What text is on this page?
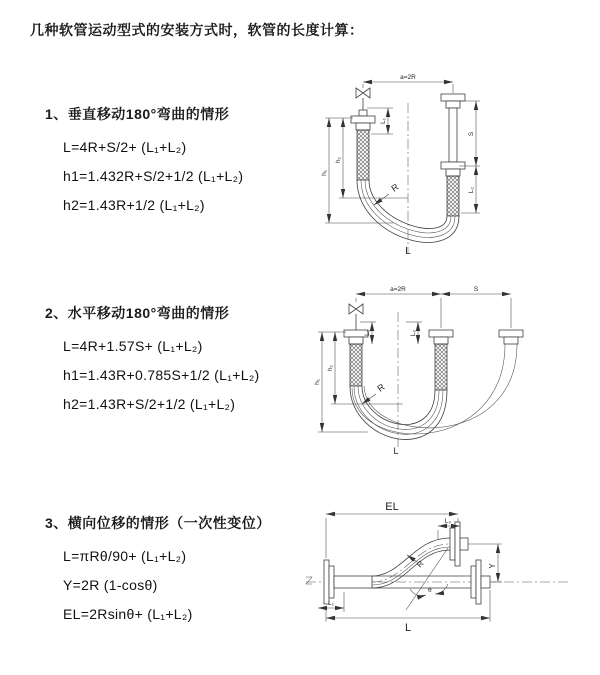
几种软管运动型式的安装方式时，软管的长度计算：
1、垂直移动180°弯曲的情形
L=4R+S/2+ (L₁+L₂)
h1=1.432R+S/2+1/2 (L₁+L₂)
h2=1.43R+1/2 (L₁+L₂)
a=2R
h₁
h₂
L₁
S
L₂
R
L
2、水平移动180°弯曲的情形
L=4R+1.57S+ (L₁+L₂)
h1=1.43R+0.785S+1/2 (L₁+L₂)
h2=1.43R+S/2+1/2 (L₁+L₂)
a=2R	S
L₁	L₂
h₁
h₂
R
L
3、横向位移的情形（一次性变位）
L=πRθ/90+ (L₁+L₂)
Y=2R (1-cosθ)
EL=2Rsinθ+ (L₁+L₂)
EL
L₂
Y
R
θ
L₁
L
